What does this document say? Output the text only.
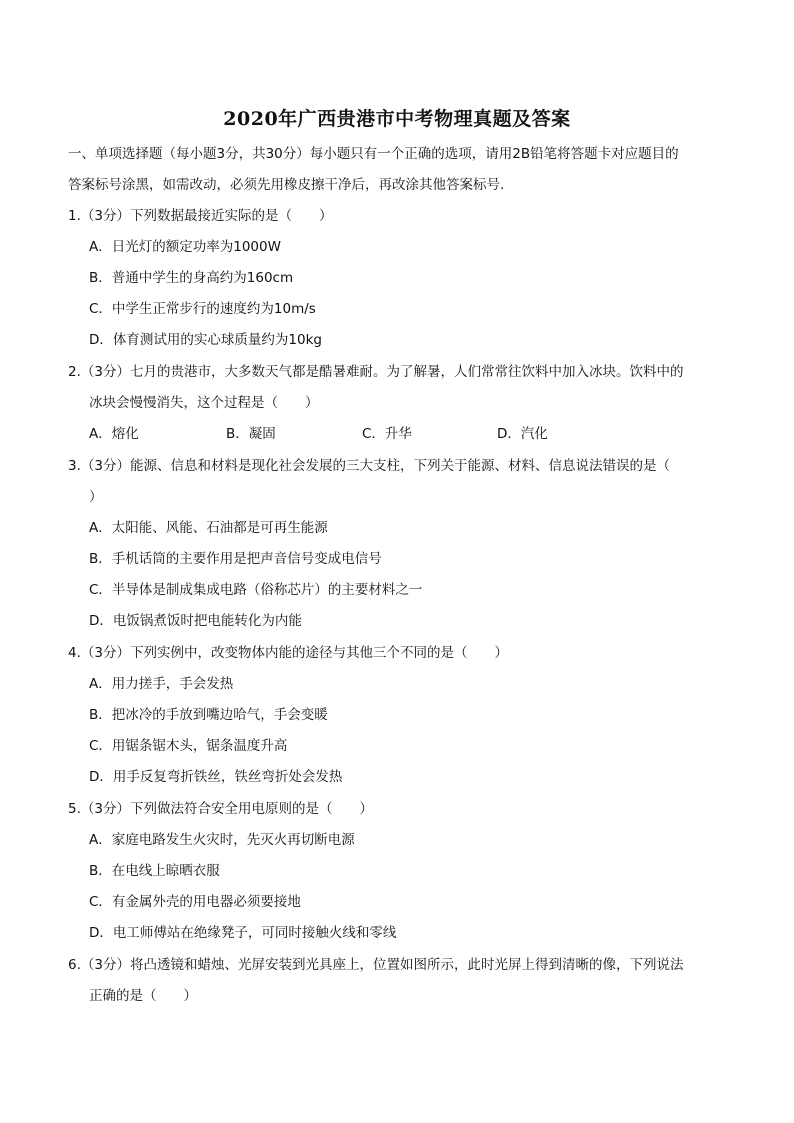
2020年广西贵港市中考物理真题及答案
一、单项选择题（每小题3分，共30分）每小题只有一个正确的选项，请用2B铅笔将答题卡对应题目的
答案标号涂黑，如需改动，必须先用橡皮擦干净后，再改涂其他答案标号.
1.（3分）下列数据最接近实际的是（　　）
A．日光灯的额定功率为1000W
B．普通中学生的身高约为160cm
C．中学生正常步行的速度约为10m/s
D．体育测试用的实心球质量约为10kg
2.（3分）七月的贵港市，大多数天气都是酷暑难耐。为了解暑，人们常常往饮料中加入冰块。饮料中的
冰块会慢慢消失，这个过程是（　　）
A．熔化	B．凝固	C．升华	D．汽化
3.（3分）能源、信息和材料是现化社会发展的三大支柱，下列关于能源、材料、信息说法错误的是（
）
A．太阳能、风能、石油都是可再生能源
B．手机话筒的主要作用是把声音信号变成电信号
C．半导体是制成集成电路（俗称芯片）的主要材料之一
D．电饭锅煮饭时把电能转化为内能
4.（3分）下列实例中，改变物体内能的途径与其他三个不同的是（　　）
A．用力搓手，手会发热
B．把冰冷的手放到嘴边哈气，手会变暖
C．用锯条锯木头，锯条温度升高
D．用手反复弯折铁丝，铁丝弯折处会发热
5.（3分）下列做法符合安全用电原则的是（　　）
A．家庭电路发生火灾时，先灭火再切断电源
B．在电线上晾晒衣服
C．有金属外壳的用电器必须要接地
D．电工师傅站在绝缘凳子，可同时接触火线和零线
6.（3分）将凸透镜和蜡烛、光屏安装到光具座上，位置如图所示，此时光屏上得到清晰的像，下列说法
正确的是（　　）
